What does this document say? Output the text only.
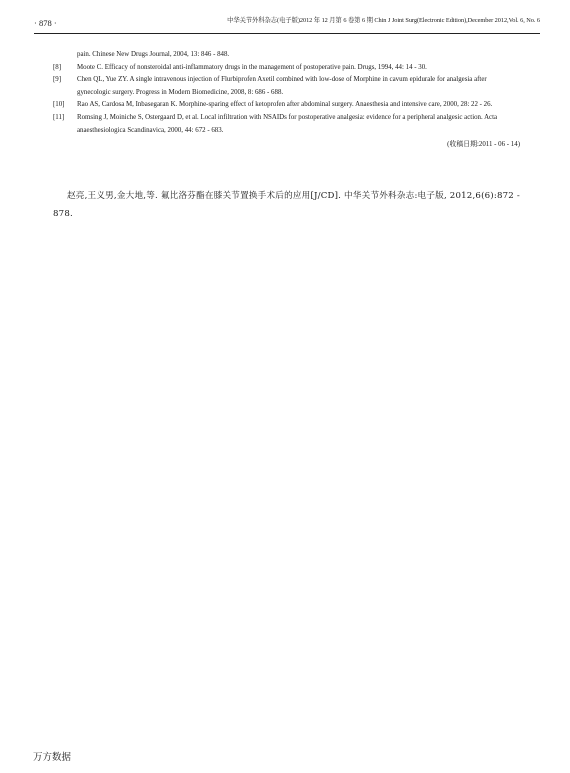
· 878 ·	中华关节外科杂志(电子版)2012 年 12 月第 6 卷第 6 期 Chin J Joint Surg(Electronic Edition),December 2012,Vol. 6, No. 6
pain. Chinese New Drugs Journal, 2004, 13: 846 - 848.
[8] Moote C. Efficacy of nonsteroidal anti-inflammatory drugs in the management of postoperative pain. Drugs, 1994, 44: 14 - 30.
[9] Chen QL, Yue ZY. A single intravenous injection of Flurbiprofen Axetil combined with low-dose of Morphine in cavum epidurale for analgesia after gynecologic surgery. Progress in Modern Biomedicine, 2008, 8: 686 - 688.
[10] Rao AS, Cardosa M, Inbasegaran K. Morphine-sparing effect of ketoprofen after abdominal surgery. Anaesthesia and intensive care, 2000, 28: 22 - 26.
[11] Romsing J, Moiniche S, Ostergaard D, et al. Local infiltration with NSAIDs for postoperative analgesia: evidence for a peripheral analgesic action. Acta anaesthesiologica Scandinavica, 2000, 44: 672 - 683.
(收稿日期:2011 - 06 - 14)
赵亮,王义男,金大地,等. 氟比洛芬酯在膝关节置换手术后的应用[J/CD]. 中华关节外科杂志:电子版, 2012,6(6):872 - 878.
万方数据
